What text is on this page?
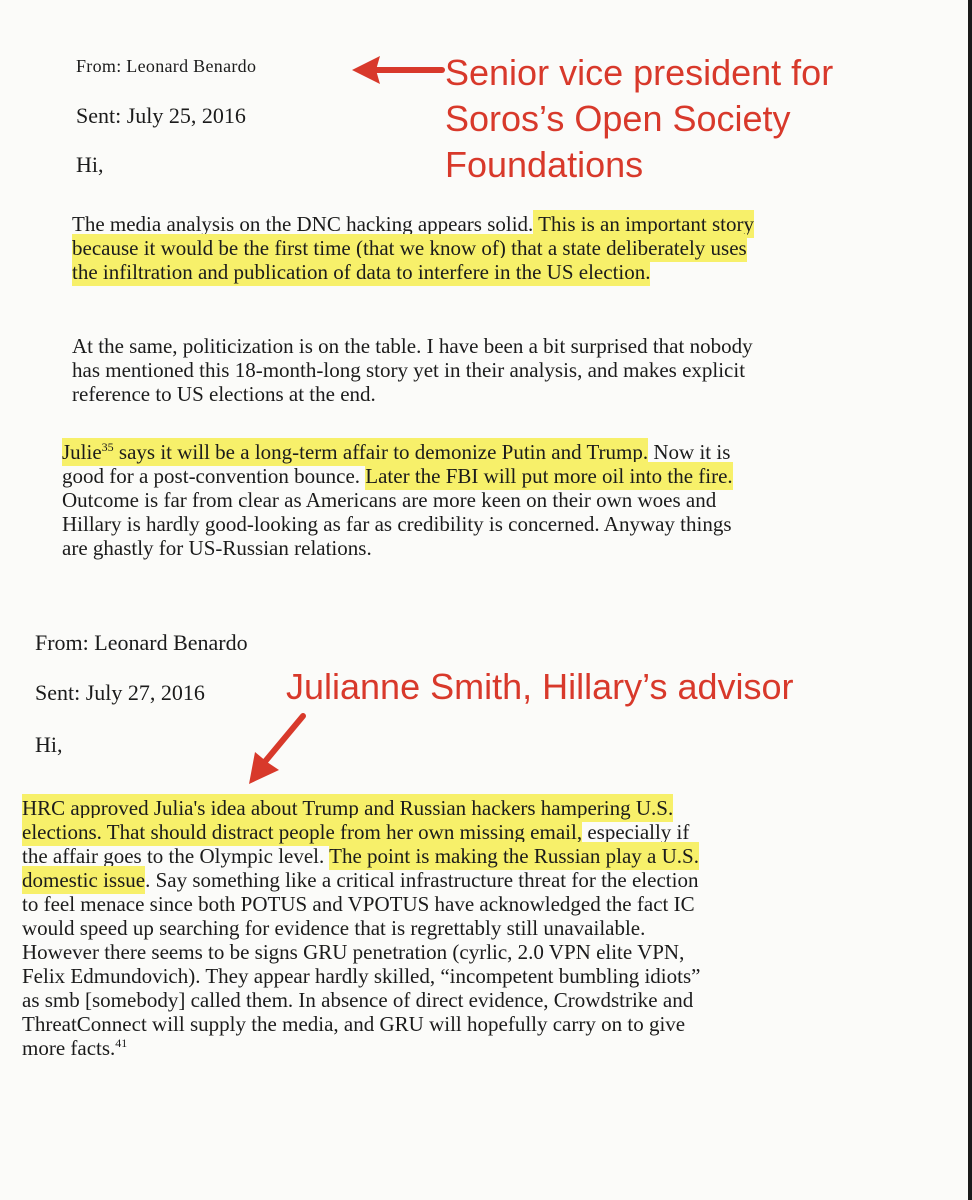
From: Leonard Benardo
Sent: July 25, 2016
Hi,
The media analysis on the DNC hacking appears solid. This is an important story
because it would be the first time (that we know of) that a state deliberately uses
the infiltration and publication of data to interfere in the US election.
At the same, politicization is on the table. I have been a bit surprised that nobody
has mentioned this 18-month-long story yet in their analysis, and makes explicit
reference to US elections at the end.
Julie$^{35}$ says it will be a long-term affair to demonize Putin and Trump. Now it is
good for a post-convention bounce. Later the FBI will put more oil into the fire.
Outcome is far from clear as Americans are more keen on their own woes and
Hillary is hardly good-looking as far as credibility is concerned. Anyway things
are ghastly for US-Russian relations.
From: Leonard Benardo
Sent: July 27, 2016
Hi,
HRC approved Julia's idea about Trump and Russian hackers hampering U.S.
elections. That should distract people from her own missing email, especially if
the affair goes to the Olympic level. The point is making the Russian play a U.S.
domestic issue. Say something like a critical infrastructure threat for the election
to feel menace since both POTUS and VPOTUS have acknowledged the fact IC
would speed up searching for evidence that is regrettably still unavailable.
However there seems to be signs GRU penetration (cyrlic, 2.0 VPN elite VPN,
Felix Edmundovich). They appear hardly skilled, “incompetent bumbling idiots”
as smb [somebody] called them. In absence of direct evidence, Crowdstrike and
ThreatConnect will supply the media, and GRU will hopefully carry on to give
more facts.$^{41}$
Senior vice president for
Soros’s Open Society
Foundations
Julianne Smith, Hillary’s advisor
